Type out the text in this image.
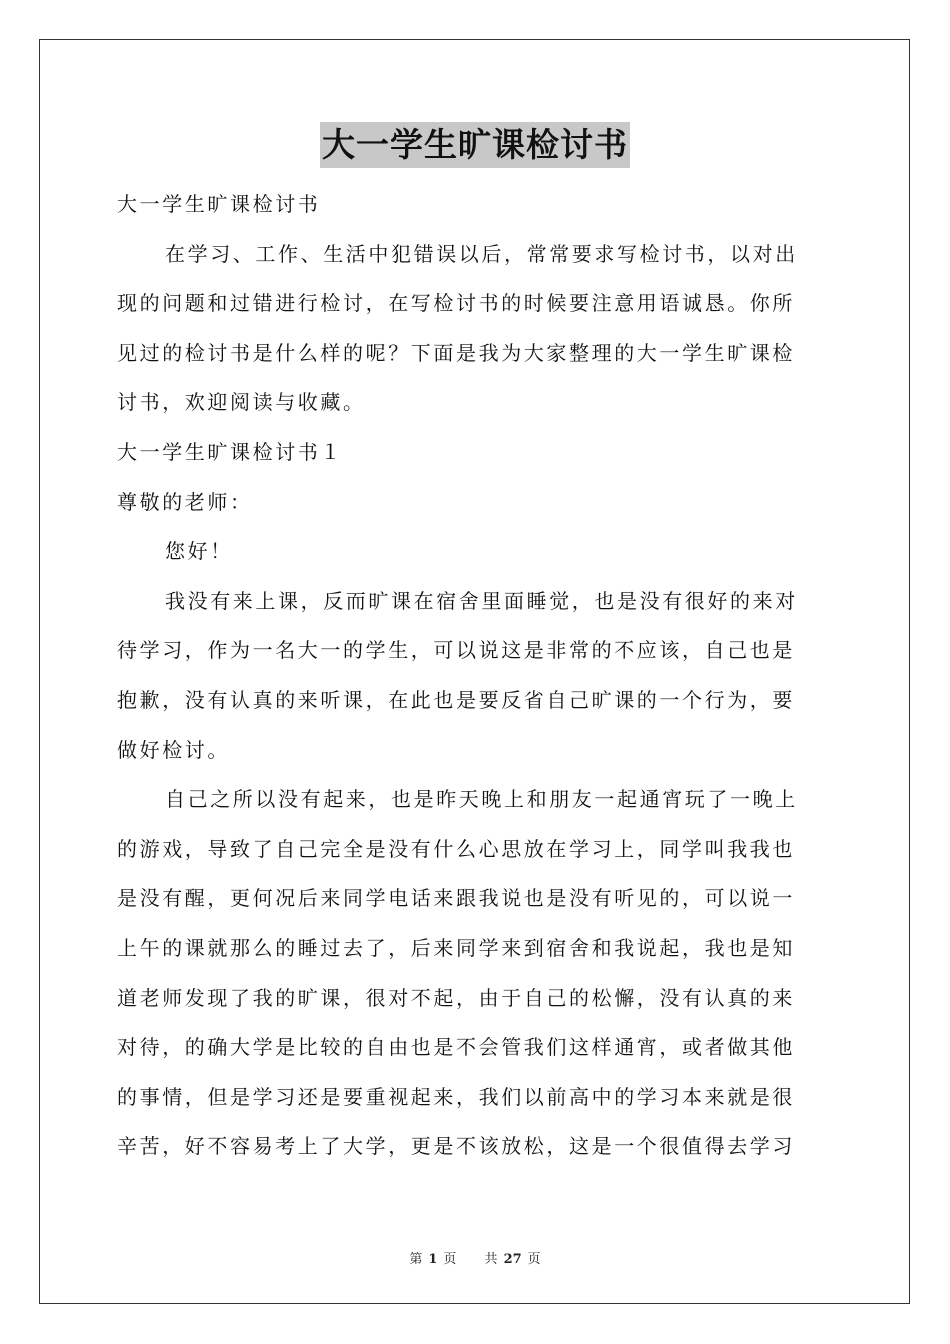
大一学生旷课检讨书

大一学生旷课检讨书

在学习、工作、生活中犯错误以后，常常要求写检讨书，以对出

现的问题和过错进行检讨，在写检讨书的时候要注意用语诚恳。你所

见过的检讨书是什么样的呢？下面是我为大家整理的大一学生旷课检

讨书，欢迎阅读与收藏。

大一学生旷课检讨书１

尊敬的老师：

您好！

我没有来上课，反而旷课在宿舍里面睡觉，也是没有很好的来对

待学习，作为一名大一的学生，可以说这是非常的不应该，自己也是

抱歉，没有认真的来听课，在此也是要反省自己旷课的一个行为，要

做好检讨。

自己之所以没有起来，也是昨天晚上和朋友一起通宵玩了一晚上

的游戏，导致了自己完全是没有什么心思放在学习上，同学叫我我也

是没有醒，更何况后来同学电话来跟我说也是没有听见的，可以说一

上午的课就那么的睡过去了，后来同学来到宿舍和我说起，我也是知

道老师发现了我的旷课，很对不起，由于自己的松懈，没有认真的来

对待，的确大学是比较的自由也是不会管我们这样通宵，或者做其他

的事情，但是学习还是要重视起来，我们以前高中的学习本来就是很

辛苦，好不容易考上了大学，更是不该放松，这是一个很值得去学习

第 1 页 共 27 页
